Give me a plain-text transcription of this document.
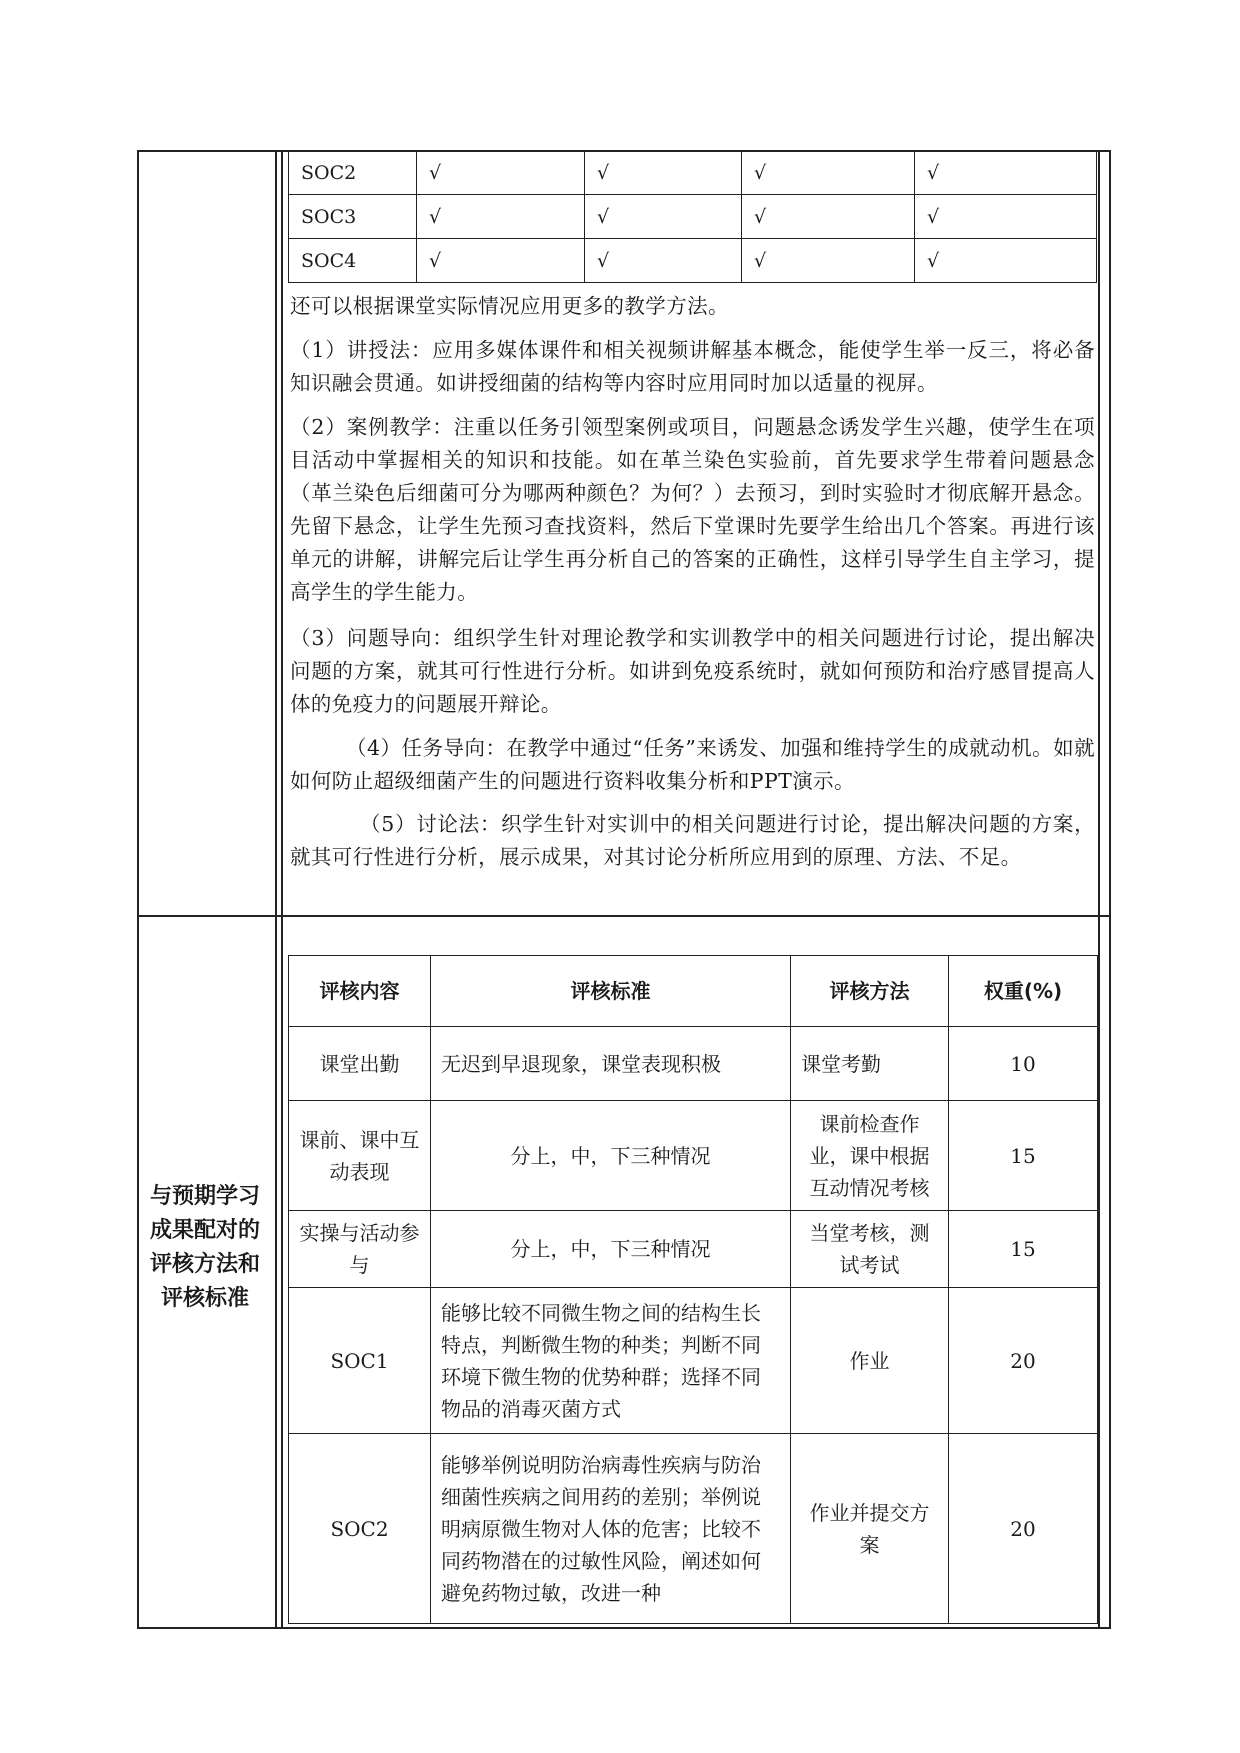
SOC2	√	√	√	√
SOC3	√	√	√	√
SOC4	√	√	√	√

还可以根据课堂实际情况应用更多的教学方法。

（1）讲授法：应用多媒体课件和相关视频讲解基本概念，能使学生举一反三，将必备知识融会贯通。如讲授细菌的结构等内容时应用同时加以适量的视屏。

（2）案例教学：注重以任务引领型案例或项目，问题悬念诱发学生兴趣，使学生在项目活动中掌握相关的知识和技能。如在革兰染色实验前，首先要求学生带着问题悬念（革兰染色后细菌可分为哪两种颜色？为何？）去预习，到时实验时才彻底解开悬念。先留下悬念，让学生先预习查找资料，然后下堂课时先要学生给出几个答案。再进行该单元的讲解，讲解完后让学生再分析自己的答案的正确性，这样引导学生自主学习，提高学生的学生能力。

（3）问题导向：组织学生针对理论教学和实训教学中的相关问题进行讨论，提出解决问题的方案，就其可行性进行分析。如讲到免疫系统时，就如何预防和治疗感冒提高人体的免疫力的问题展开辩论。

（4）任务导向：在教学中通过“任务”来诱发、加强和维持学生的成就动机。如就如何防止超级细菌产生的问题进行资料收集分析和PPT演示。

（5）讨论法：织学生针对实训中的相关问题进行讨论，提出解决问题的方案，就其可行性进行分析，展示成果，对其讨论分析所应用到的原理、方法、不足。

与预期学习成果配对的评核方法和评核标准
评核内容	评核标准	评核方法	权重(%)
课堂出勤	无迟到早退现象，课堂表现积极	课堂考勤	10
课前、课中互动表现	分上，中，下三种情况	课前检查作业，课中根据互动情况考核	15
实操与活动参与	分上，中，下三种情况	当堂考核，测试考试	15
SOC1	能够比较不同微生物之间的结构生长特点，判断微生物的种类；判断不同环境下微生物的优势种群；选择不同物品的消毒灭菌方式	作业	20
SOC2	能够举例说明防治病毒性疾病与防治细菌性疾病之间用药的差别；举例说明病原微生物对人体的危害；比较不同药物潜在的过敏性风险，阐述如何避免药物过敏，改进一种	作业并提交方案	20
